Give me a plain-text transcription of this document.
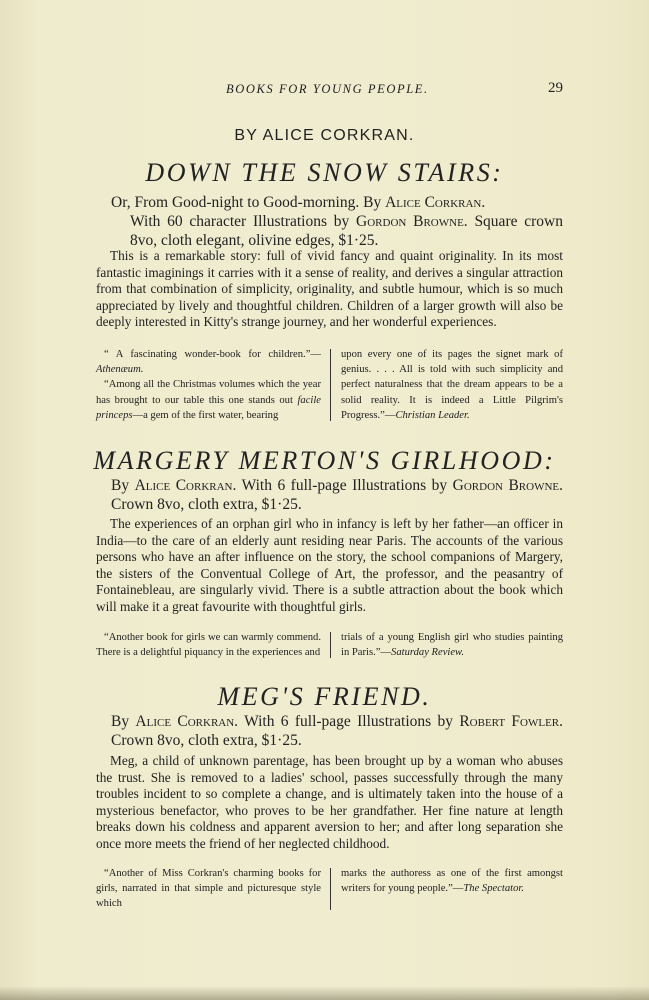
BOOKS FOR YOUNG PEOPLE.	29
BY ALICE CORKRAN.
DOWN THE SNOW STAIRS:
Or, From Good-night to Good-morning. By Alice Corkran.
With 60 character Illustrations by Gordon Browne. Square crown 8vo, cloth elegant, olivine edges, $1·25.
This is a remarkable story: full of vivid fancy and quaint originality. In its most fantastic imaginings it carries with it a sense of reality, and derives a singular attraction from that combination of simplicity, originality, and subtle humour, which is so much appreciated by lively and thoughtful children. Children of a larger growth will also be deeply interested in Kitty's strange journey, and her wonderful experiences.
“ A fascinating wonder-book for children.”—Athenæum.
“Among all the Christmas volumes which the year has brought to our table this one stands out facile princeps—a gem of the first water, bearing
upon every one of its pages the signet mark of genius. . . . All is told with such simplicity and perfect naturalness that the dream appears to be a solid reality. It is indeed a Little Pilgrim's Progress.”—Christian Leader.
MARGERY MERTON'S GIRLHOOD:
By Alice Corkran. With 6 full-page Illustrations by Gordon Browne. Crown 8vo, cloth extra, $1·25.
The experiences of an orphan girl who in infancy is left by her father—an officer in India—to the care of an elderly aunt residing near Paris. The accounts of the various persons who have an after influence on the story, the school companions of Margery, the sisters of the Conventual College of Art, the professor, and the peasantry of Fontainebleau, are singularly vivid. There is a subtle attraction about the book which will make it a great favourite with thoughtful girls.
“Another book for girls we can warmly commend. There is a delightful piquancy in the experiences and
trials of a young English girl who studies painting in Paris.”—Saturday Review.
MEG'S FRIEND.
By Alice Corkran. With 6 full-page Illustrations by Robert Fowler. Crown 8vo, cloth extra, $1·25.
Meg, a child of unknown parentage, has been brought up by a woman who abuses the trust. She is removed to a ladies' school, passes successfully through the many troubles incident to so complete a change, and is ultimately taken into the house of a mysterious benefactor, who proves to be her grandfather. Her fine nature at length breaks down his coldness and apparent aversion to her; and after long separation she once more meets the friend of her neglected childhood.
“Another of Miss Corkran's charming books for girls, narrated in that simple and picturesque style which
marks the authoress as one of the first amongst writers for young people.”—The Spectator.
